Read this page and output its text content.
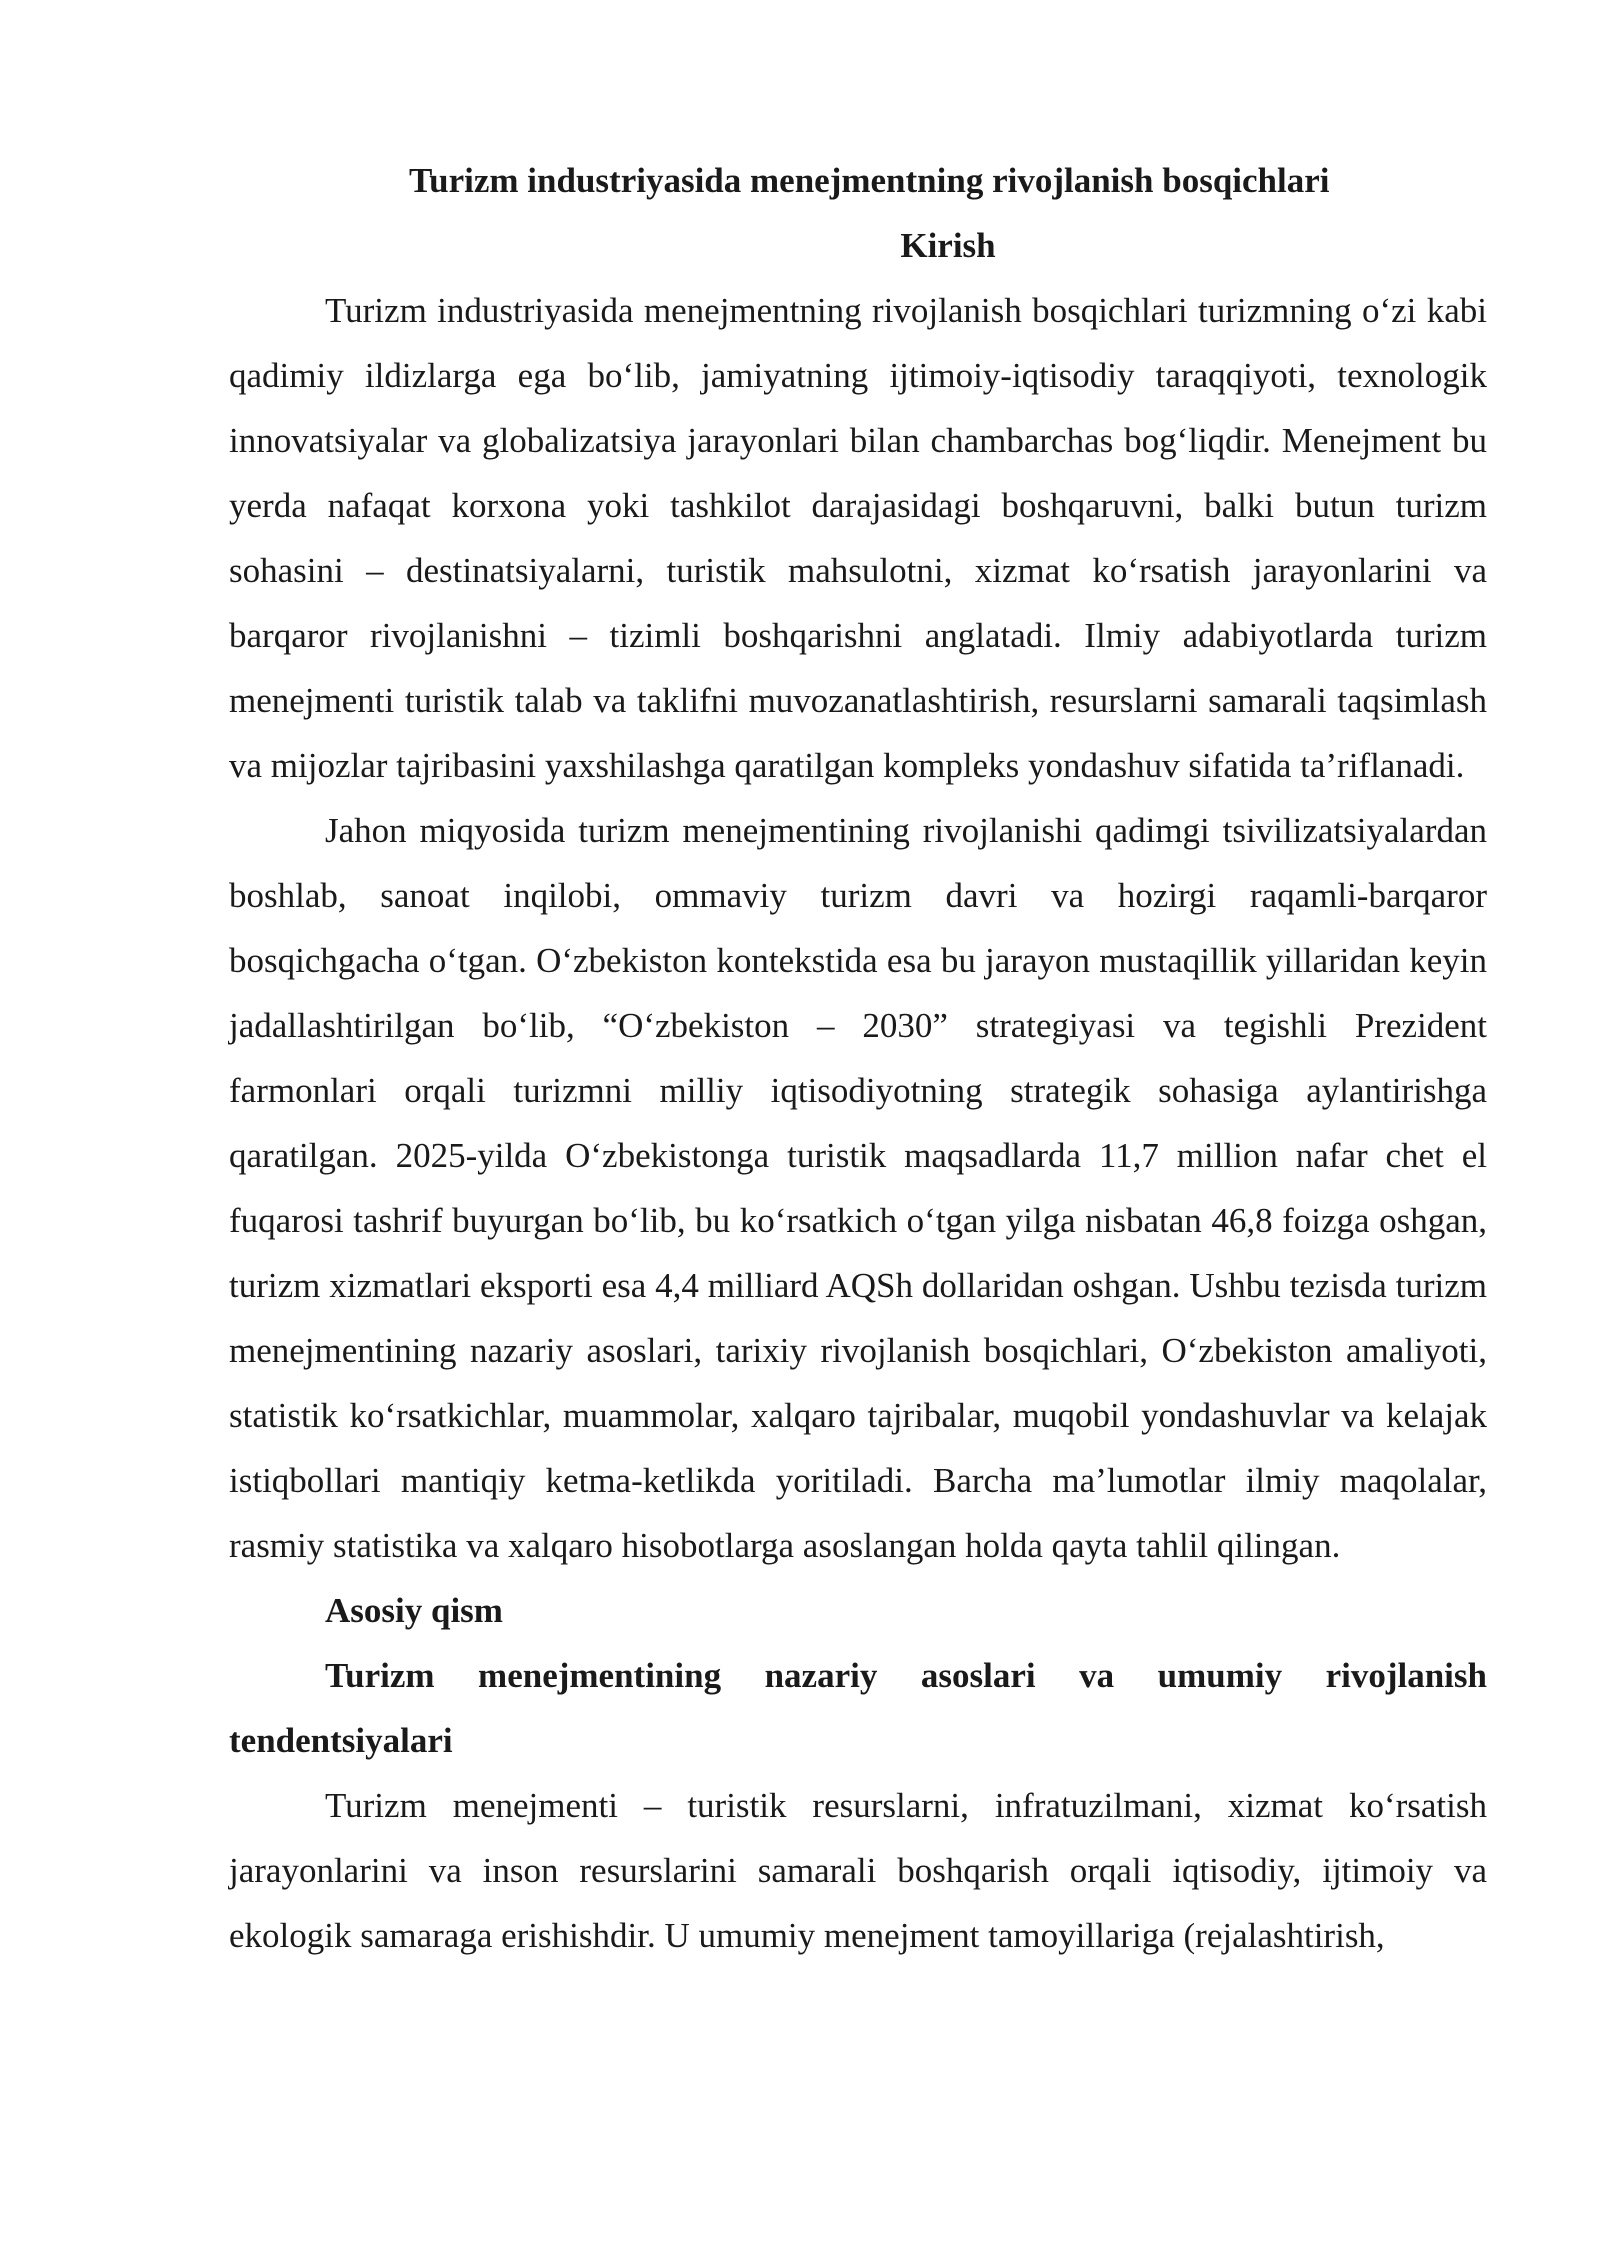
Turizm industriyasida menejmentning rivojlanish bosqichlari
Kirish

Turizm industriyasida menejmentning rivojlanish bosqichlari turizmning o‘zi kabi qadimiy ildizlarga ega bo‘lib, jamiyatning ijtimoiy-iqtisodiy taraqqiyoti, texnologik innovatsiyalar va globalizatsiya jarayonlari bilan chambarchas bog‘liqdir. Menejment bu yerda nafaqat korxona yoki tashkilot darajasidagi boshqaruvni, balki butun turizm sohasini – destinatsiyalarni, turistik mahsulotni, xizmat ko‘rsatish jarayonlarini va barqaror rivojlanishni – tizimli boshqarishni anglatadi. Ilmiy adabiyotlarda turizm menejmenti turistik talab va taklifni muvozanatlashtirish, resurslarni samarali taqsimlash va mijozlar tajribasini yaxshilashga qaratilgan kompleks yondashuv sifatida ta’riflanadi.

Jahon miqyosida turizm menejmentining rivojlanishi qadimgi tsivilizatsiyalardan boshlab, sanoat inqilobi, ommaviy turizm davri va hozirgi raqamli-barqaror bosqichgacha o‘tgan. O‘zbekiston kontekstida esa bu jarayon mustaqillik yillaridan keyin jadallashtirilgan bo‘lib, “O‘zbekiston – 2030” strategiyasi va tegishli Prezident farmonlari orqali turizmni milliy iqtisodiyotning strategik sohasiga aylantirishga qaratilgan. 2025-yilda O‘zbekistonga turistik maqsadlarda 11,7 million nafar chet el fuqarosi tashrif buyurgan bo‘lib, bu ko‘rsatkich o‘tgan yilga nisbatan 46,8 foizga oshgan, turizm xizmatlari eksporti esa 4,4 milliard AQSh dollaridan oshgan. Ushbu tezisda turizm menejmentining nazariy asoslari, tarixiy rivojlanish bosqichlari, O‘zbekiston amaliyoti, statistik ko‘rsatkichlar, muammolar, xalqaro tajribalar, muqobil yondashuvlar va kelajak istiqbollari mantiqiy ketma-ketlikda yoritiladi. Barcha ma’lumotlar ilmiy maqolalar, rasmiy statistika va xalqaro hisobotlarga asoslangan holda qayta tahlil qilingan.

Asosiy qism
Turizm menejmentining nazariy asoslari va umumiy rivojlanish tendentsiyalari

Turizm menejmenti – turistik resurslarni, infratuzilmani, xizmat ko‘rsatish jarayonlarini va inson resurslarini samarali boshqarish orqali iqtisodiy, ijtimoiy va ekologik samaraga erishishdir. U umumiy menejment tamoyillariga (rejalashtirish,
